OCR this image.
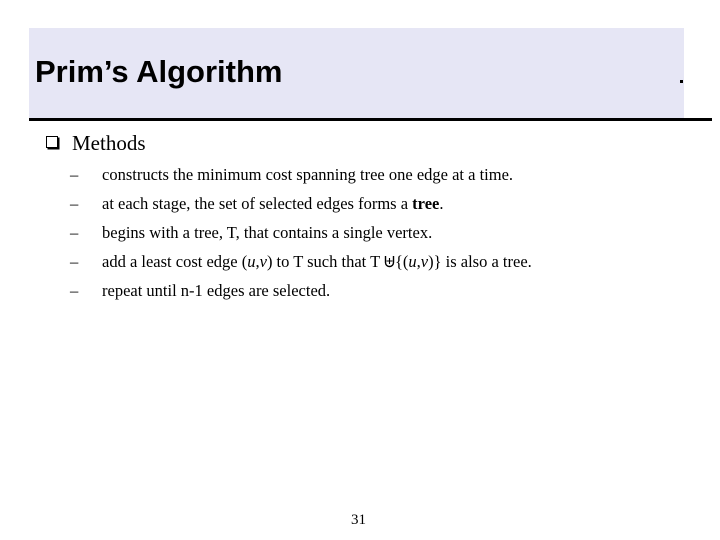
Prim’s Algorithm
Methods
– constructs the minimum cost spanning tree one edge at a time.
– at each stage, the set of selected edges forms a tree.
– begins with a tree, T, that contains a single vertex.
– add a least cost edge (u,v) to T such that T {(u,v)} is also a tree.
– repeat until n-1 edges are selected.
31
